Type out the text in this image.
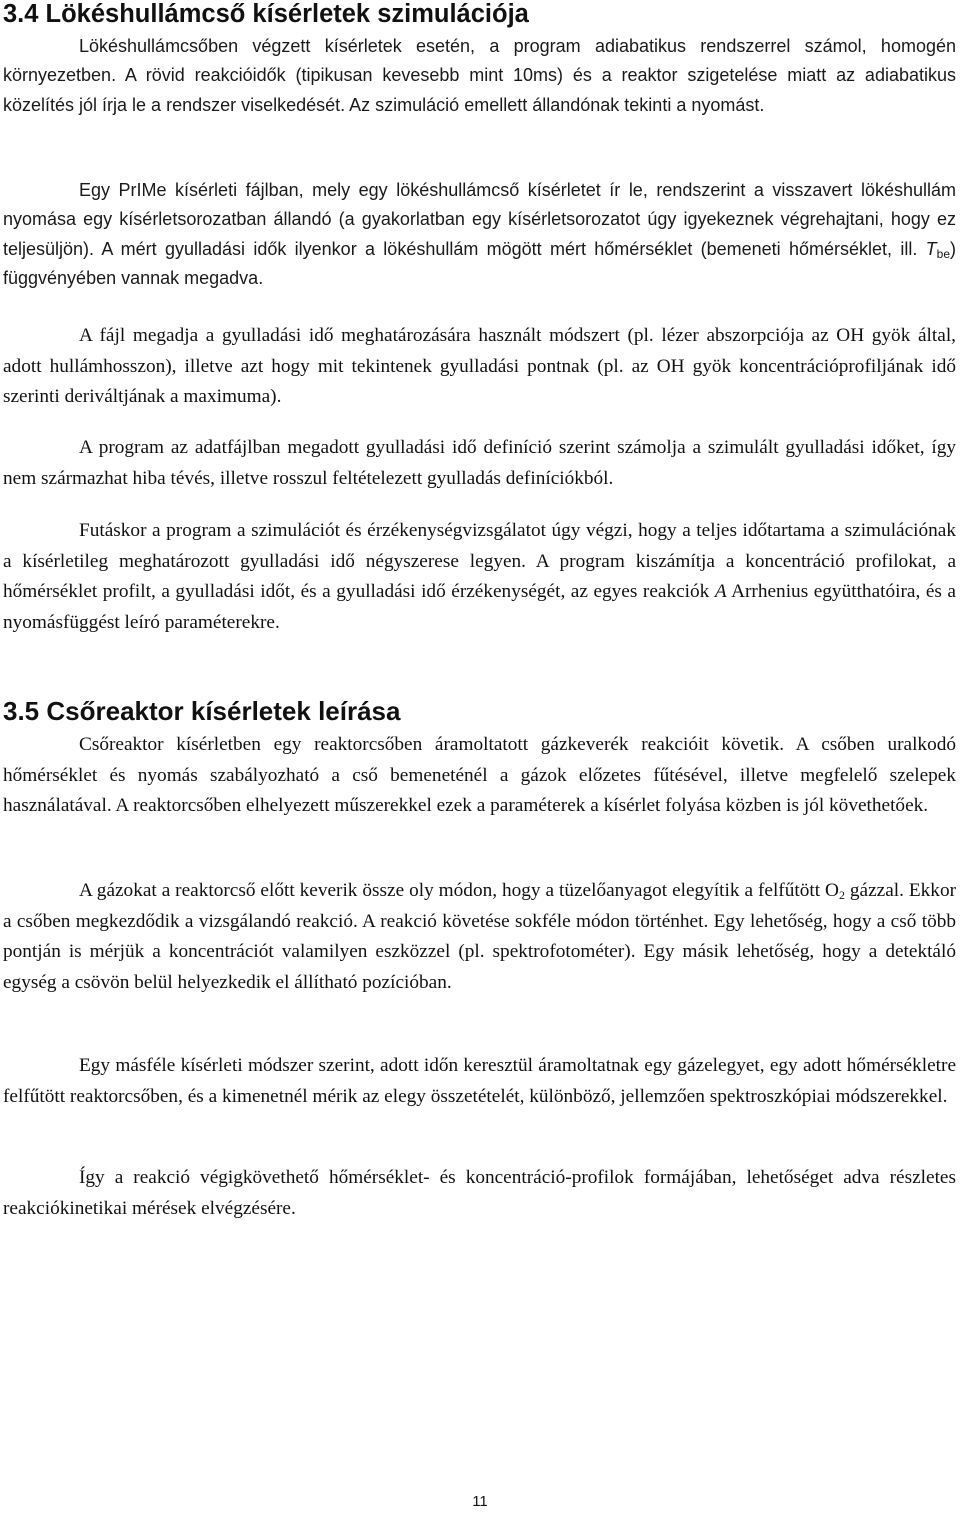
3.4 Lökéshullámcső kísérletek szimulációja
Lökéshullámcsőben végzett kísérletek esetén, a program adiabatikus rendszerrel számol, homogén környezetben. A rövid reakcióidők (tipikusan kevesebb mint 10ms) és a reaktor szigetelése miatt az adiabatikus közelítés jól írja le a rendszer viselkedését. Az szimuláció emellett állandónak tekinti a nyomást.
Egy PrIMe kísérleti fájlban, mely egy lökéshullámcső kísérletet ír le, rendszerint a visszavert lökéshullám nyomása egy kísérletsorozatban állandó (a gyakorlatban egy kísérletsorozatot úgy igyekeznek végrehajtani, hogy ez teljesüljön). A mért gyulladási idők ilyenkor a lökéshullám mögött mért hőmérséklet (bemeneti hőmérséklet, ill. $T_{be}$) függvényében vannak megadva.
A fájl megadja a gyulladási idő meghatározására használt módszert (pl. lézer abszorpciója az OH gyök által, adott hullámhosszon), illetve azt hogy mit tekintenek gyulladási pontnak (pl. az OH gyök koncentrációprofiljának idő szerinti deriváltjának a maximuma).
A program az adatfájlban megadott gyulladási idő definíció szerint számolja a szimulált gyulladási időket, így nem származhat hiba tévés, illetve rosszul feltételezett gyulladás definíciókból.
Futáskor a program a szimulációt és érzékenységvizsgálatot úgy végzi, hogy a teljes időtartama a szimulációnak a kísérletileg meghatározott gyulladási idő négyszerese legyen. A program kiszámítja a koncentráció profilokat, a hőmérséklet profilt, a gyulladási időt, és a gyulladási idő érzékenységét, az egyes reakciók A Arrhenius együtthatóira, és a nyomásfüggést leíró paraméterekre.
3.5 Csőreaktor kísérletek leírása
Csőreaktor kísérletben egy reaktorcsőben áramoltatott gázkeverék reakcióit követik. A csőben uralkodó hőmérséklet és nyomás szabályozható a cső bemeneténél a gázok előzetes fűtésével, illetve megfelelő szelepek használatával. A reaktorcsőben elhelyezett műszerekkel ezek a paraméterek a kísérlet folyása közben is jól követhetőek.
A gázokat a reaktorcső előtt keverik össze oly módon, hogy a tüzelőanyagot elegyítik a felfűtött $O_2$ gázzal. Ekkor a csőben megkezdődik a vizsgálandó reakció. A reakció követése sokféle módon történhet. Egy lehetőség, hogy a cső több pontján is mérjük a koncentrációt valamilyen eszközzel (pl. spektrofotométer). Egy másik lehetőség, hogy a detektáló egység a csövön belül helyezkedik el állítható pozícióban.
Egy másféle kísérleti módszer szerint, adott időn keresztül áramoltatnak egy gázelegyet, egy adott hőmérsékletre felfűtött reaktorcsőben, és a kimenetnél mérik az elegy összetételét, különböző, jellemzően spektroszkópiai módszerekkel.
Így a reakció végigkövethető hőmérséklet- és koncentráció-profilok formájában, lehetőséget adva részletes reakciókinetikai mérések elvégzésére.
11
